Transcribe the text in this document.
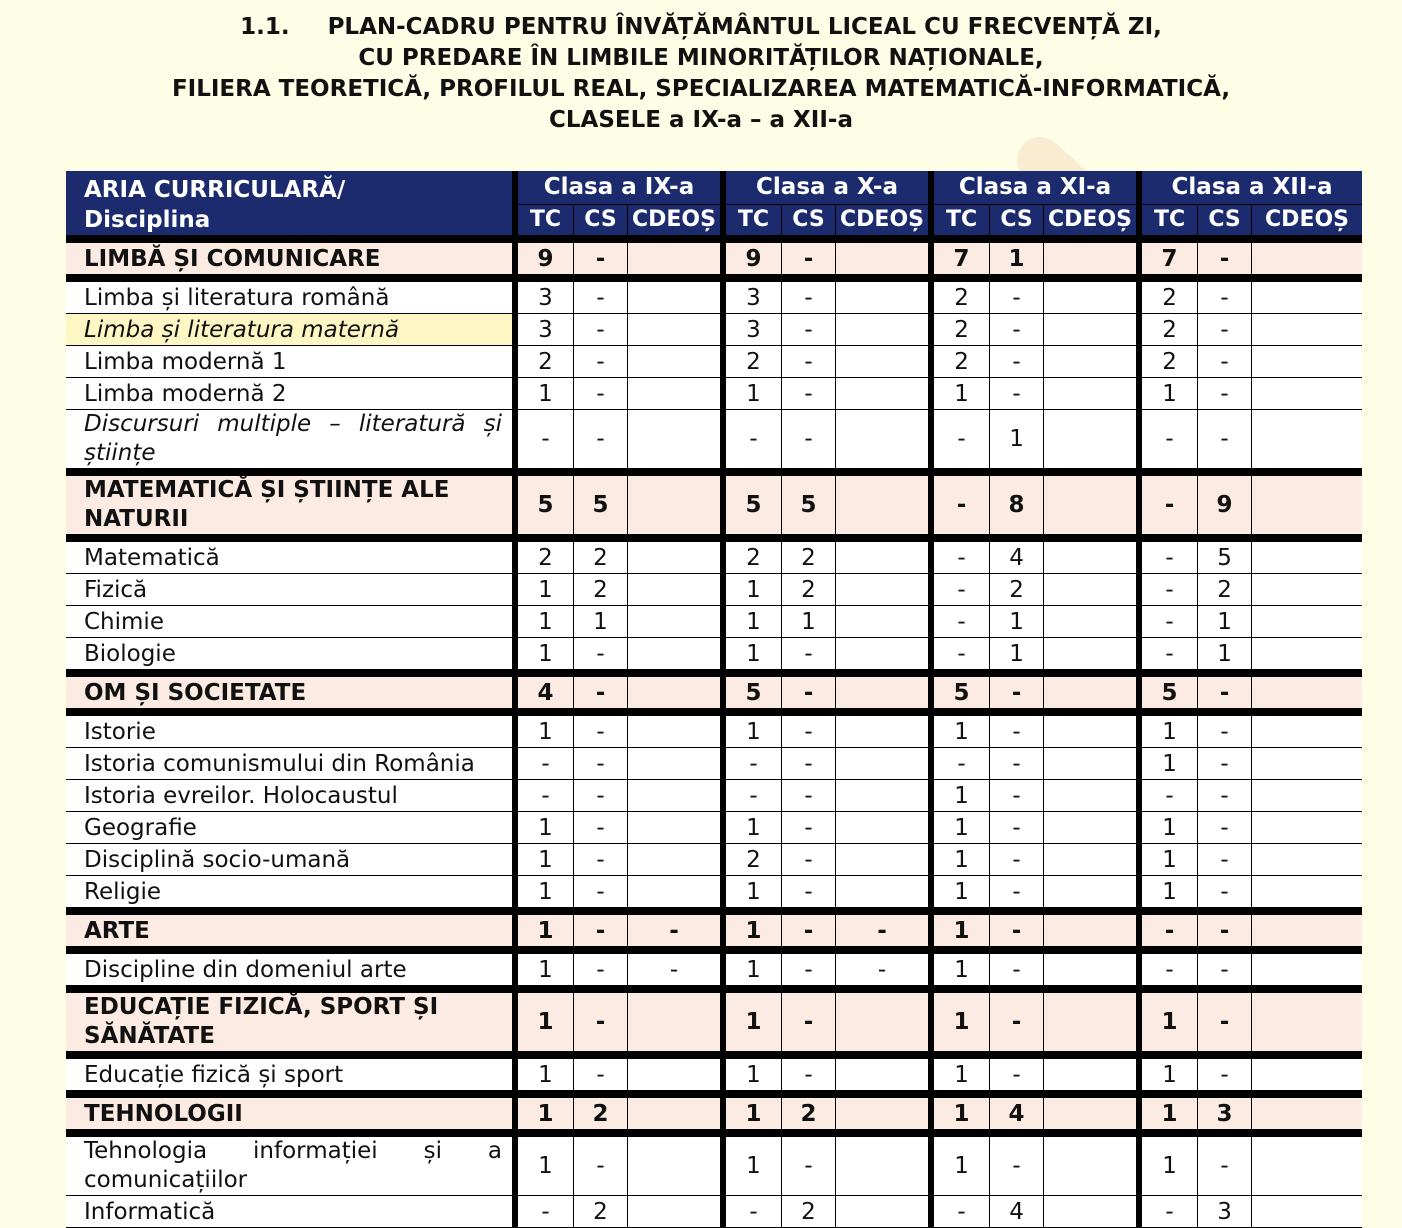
1.1. PLAN-CADRU PENTRU ÎNVĂȚĂMÂNTUL LICEAL CU FRECVENȚĂ ZI,
CU PREDARE ÎN LIMBILE MINORITĂȚILOR NAȚIONALE,
FILIERA TEORETICĂ, PROFILUL REAL, SPECIALIZAREA MATEMATICĂ-INFORMATICĂ,
CLASELE a IX-a – a XII-a
ARIA CURRICULARĂ/
Disciplina	Clasa a IX-a			Clasa a X-a			Clasa a XI-a			Clasa a XII-a		
	TC	CS	CDEOȘ	TC	CS	CDEOȘ	TC	CS	CDEOȘ	TC	CS	CDEOȘ

LIMBĂ ȘI COMUNICARE	9	-		9	-		7	1		7	-	

Limba și literatura română	3	-		3	-		2	-		2	-	
Limba și literatura maternă	3	-		3	-		2	-		2	-	
Limba modernă 1	2	-		2	-		2	-		2	-	
Limba modernă 2	1	-		1	-		1	-		1	-	
Discursuri multiple – literatură și științe	-	-		-	-		-	1		-	-	

MATEMATICĂ ȘI ȘTIINȚE ALE NATURII	5	5		5	5		-	8		-	9	

Matematică	2	2		2	2		-	4		-	5	
Fizică	1	2		1	2		-	2		-	2	
Chimie	1	1		1	1		-	1		-	1	
Biologie	1	-		1	-		-	1		-	1	

OM ȘI SOCIETATE	4	-		5	-		5	-		5	-	

Istorie	1	-		1	-		1	-		1	-	
Istoria comunismului din România	-	-		-	-		-	-		1	-	
Istoria evreilor. Holocaustul	-	-		-	-		1	-		-	-	
Geografie	1	-		1	-		1	-		1	-	
Disciplină socio-umană	1	-		2	-		1	-		1	-	
Religie	1	-		1	-		1	-		1	-	

ARTE	1	-	-	1	-	-	1	-		-	-	

Discipline din domeniul arte	1	-	-	1	-	-	1	-		-	-	

EDUCAȚIE FIZICĂ, SPORT ȘI SĂNĂTATE	1	-		1	-		1	-		1	-	

Educație fizică și sport	1	-		1	-		1	-		1	-	

TEHNOLOGII	1	2		1	2		1	4		1	3	

Tehnologia informației și a comunicațiilor	1	-		1	-		1	-		1	-	
Informatică	-	2		-	2		-	4		-	3	
